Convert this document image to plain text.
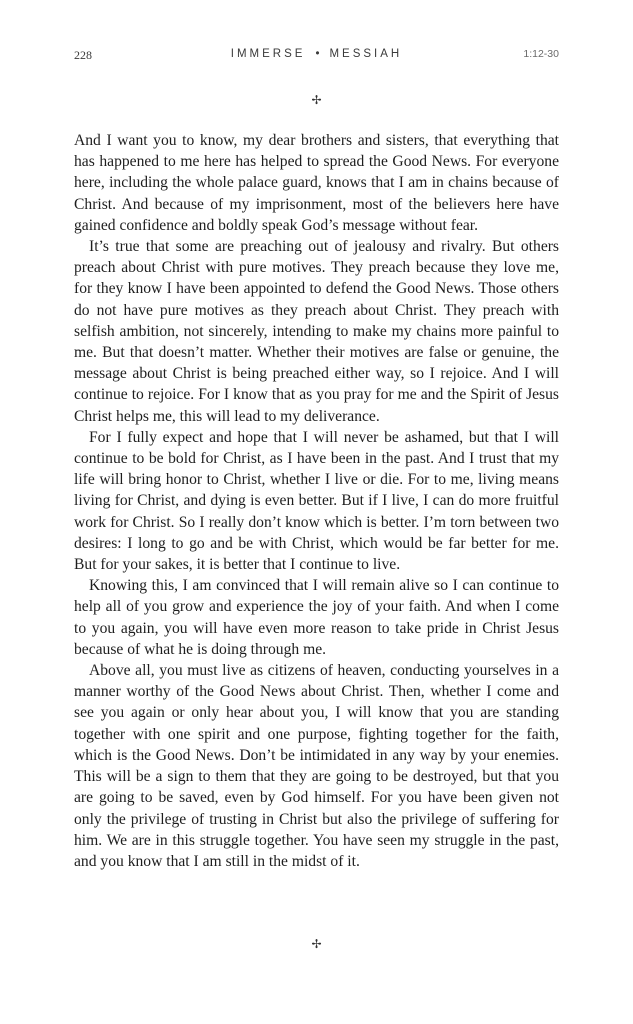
228	IMMERSE • MESSIAH	1:12-30
✢

And I want you to know, my dear brothers and sisters, that everything that has happened to me here has helped to spread the Good News. For everyone here, including the whole palace guard, knows that I am in chains because of Christ. And because of my imprisonment, most of the believers here have gained confidence and boldly speak God’s message without fear.

It’s true that some are preaching out of jealousy and rivalry. But others preach about Christ with pure motives. They preach because they love me, for they know I have been appointed to defend the Good News. Those others do not have pure motives as they preach about Christ. They preach with selfish ambition, not sincerely, intending to make my chains more painful to me. But that doesn’t matter. Whether their motives are false or genuine, the message about Christ is being preached either way, so I rejoice. And I will continue to rejoice. For I know that as you pray for me and the Spirit of Jesus Christ helps me, this will lead to my deliverance.

For I fully expect and hope that I will never be ashamed, but that I will continue to be bold for Christ, as I have been in the past. And I trust that my life will bring honor to Christ, whether I live or die. For to me, living means living for Christ, and dying is even better. But if I live, I can do more fruitful work for Christ. So I really don’t know which is better. I’m torn between two desires: I long to go and be with Christ, which would be far better for me. But for your sakes, it is better that I continue to live.

Knowing this, I am convinced that I will remain alive so I can continue to help all of you grow and experience the joy of your faith. And when I come to you again, you will have even more reason to take pride in Christ Jesus because of what he is doing through me.

Above all, you must live as citizens of heaven, conducting yourselves in a manner worthy of the Good News about Christ. Then, whether I come and see you again or only hear about you, I will know that you are standing together with one spirit and one purpose, fighting together for the faith, which is the Good News. Don’t be intimidated in any way by your enemies. This will be a sign to them that they are going to be destroyed, but that you are going to be saved, even by God himself. For you have been given not only the privilege of trusting in Christ but also the privilege of suffering for him. We are in this struggle together. You have seen my struggle in the past, and you know that I am still in the midst of it.

✢
